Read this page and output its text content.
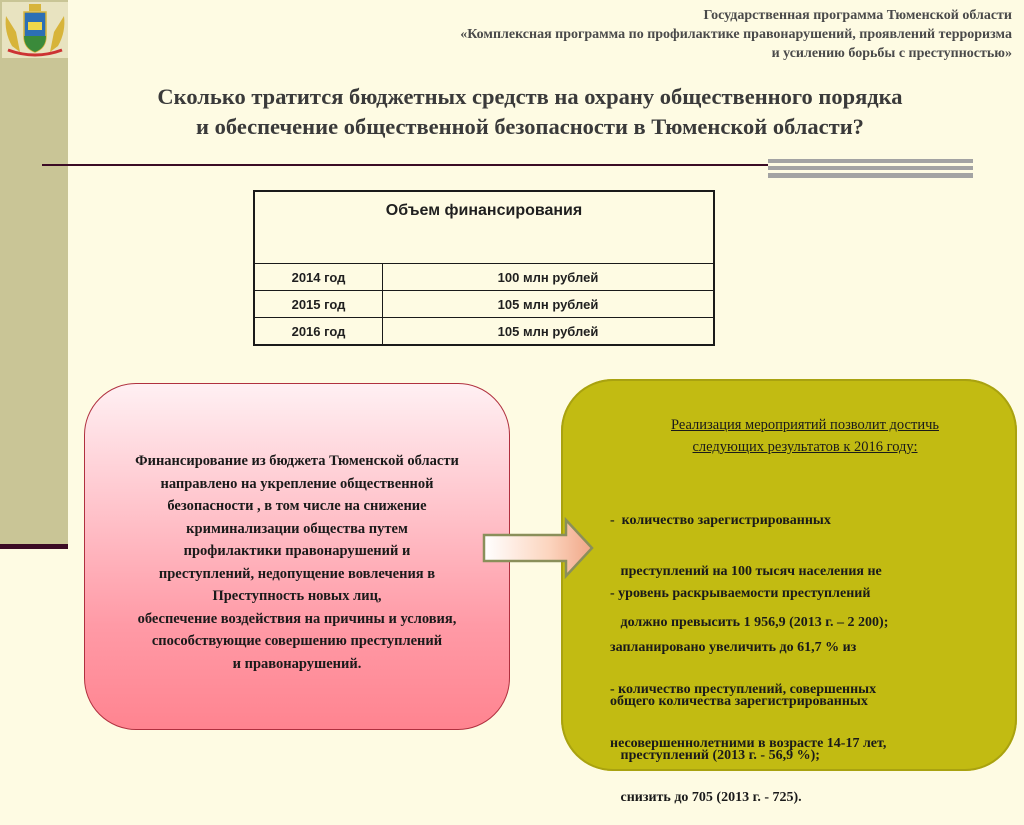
Государственная программа Тюменской области
«Комплексная программа по профилактике правонарушений, проявлений терроризма
и усилению борьбы с преступностью»
Сколько тратится бюджетных средств на охрану общественного порядка
и обеспечение общественной безопасности в Тюменской области?
Объем финансирования	
2014 год	100 млн рублей
2015 год	105 млн рублей
2016 год	105 млн рублей
Финансирование из бюджета Тюменской области
направлено на укрепление общественной
безопасности , в том числе на снижение
криминализации общества путем
профилактики правонарушений и
преступлений, недопущение вовлечения в
Преступность новых лиц,
обеспечение воздействия на причины и условия,
способствующие совершению преступлений
и правонарушений.
Реализация мероприятий позволит достичь
следующих результатов к 2016 году:

-  количество зарегистрированных

преступлений на 100 тысяч населения не

должно превысить 1 956,9 (2013 г. – 2 200);

- уровень раскрываемости преступлений

запланировано увеличить до 61,7 % из

общего количества зарегистрированных

преступлений (2013 г. - 56,9 %);

- количество преступлений, совершенных

несовершеннолетними в возрасте 14-17 лет,

снизить до 705 (2013 г. - 725).
